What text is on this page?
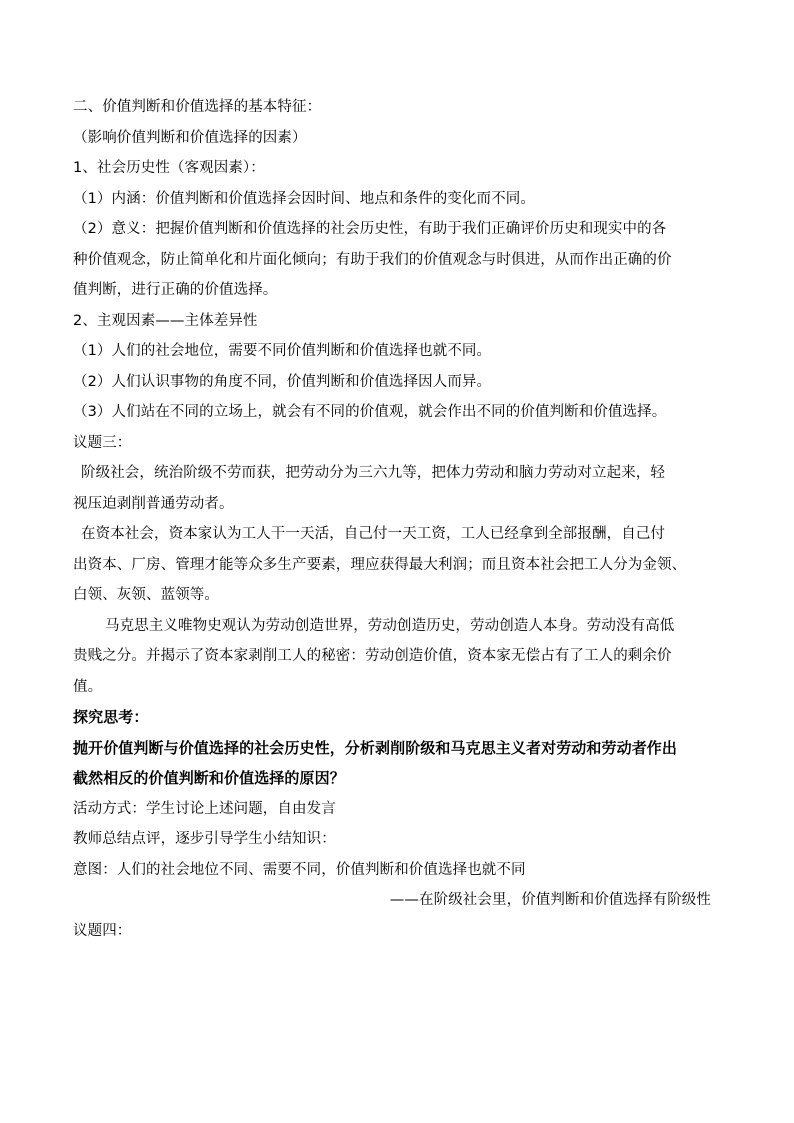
二、价值判断和价值选择的基本特征：
（影响价值判断和价值选择的因素）
1、社会历史性（客观因素）：
（1）内涵：价值判断和价值选择会因时间、地点和条件的变化而不同。
（2）意义：把握价值判断和价值选择的社会历史性，有助于我们正确评价历史和现实中的各
种价值观念，防止简单化和片面化倾向；有助于我们的价值观念与时俱进，从而作出正确的价
值判断，进行正确的价值选择。
2、主观因素——主体差异性
（1）人们的社会地位，需要不同价值判断和价值选择也就不同。
（2）人们认识事物的角度不同，价值判断和价值选择因人而异。
（3）人们站在不同的立场上，就会有不同的价值观，就会作出不同的价值判断和价值选择。
议题三：
阶级社会，统治阶级不劳而获，把劳动分为三六九等，把体力劳动和脑力劳动对立起来，轻
视压迫剥削普通劳动者。
在资本社会，资本家认为工人干一天活，自己付一天工资，工人已经拿到全部报酬，自己付
出资本、厂房、管理才能等众多生产要素，理应获得最大利润；而且资本社会把工人分为金领、
白领、灰领、蓝领等。
马克思主义唯物史观认为劳动创造世界，劳动创造历史，劳动创造人本身。劳动没有高低
贵贱之分。并揭示了资本家剥削工人的秘密：劳动创造价值，资本家无偿占有了工人的剩余价
值。
探究思考：
抛开价值判断与价值选择的社会历史性，分析剥削阶级和马克思主义者对劳动和劳动者作出
截然相反的价值判断和价值选择的原因？
活动方式：学生讨论上述问题，自由发言
教师总结点评，逐步引导学生小结知识：
意图：人们的社会地位不同、需要不同，价值判断和价值选择也就不同
——在阶级社会里，价值判断和价值选择有阶级性
议题四：
